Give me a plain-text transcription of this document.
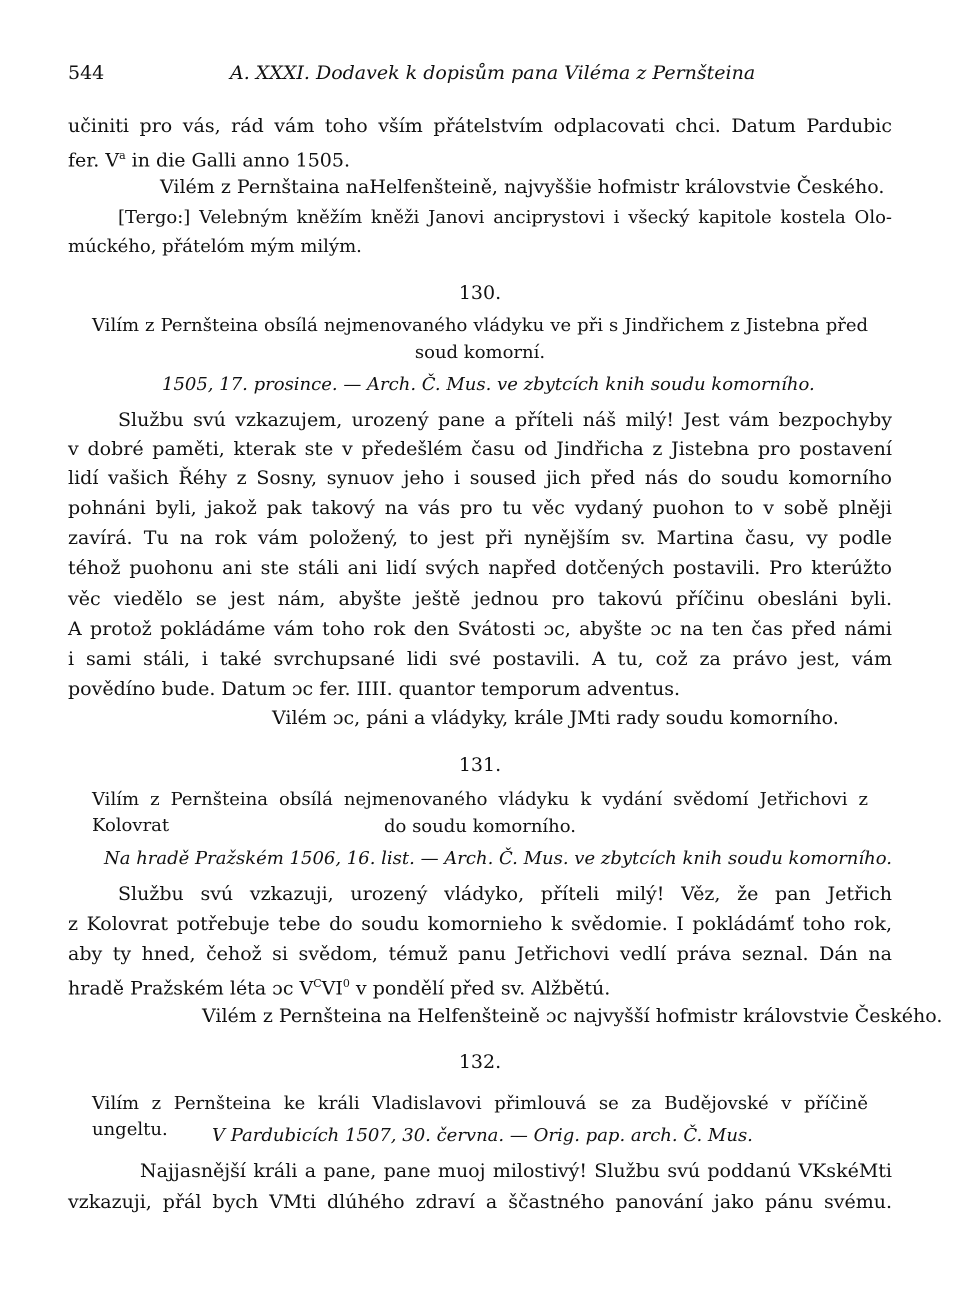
544	A. XXXI. Dodavek k dopisům pana Viléma z Pernšteina
učiniti pro vás, rád vám toho vším přátelstvím odplacovati chci. Datum Pardubic
fer. $V^a$ in die Galli anno 1505.
Vilém z Pernštaina naHelfenšteině, najvyššie hofmistr královstvie Českého.
[Tergo:] Velebným kněžím kněži Janovi anciprystovi i všecký kapitole kostela Olo-
múckého, přátelóm mým milým.
130.
Vilím z Pernšteina obsílá nejmenovaného vládyku ve při s Jindřichem z Jistebna před
soud komorní.
1505, 17. prosince. — Arch. Č. Mus. ve zbytcích knih soudu komorního.
Službu svú vzkazujem, urozený pane a příteli náš milý! Jest vám bezpochyby
v dobré paměti, kterak ste v předešlém času od Jindřicha z Jistebna pro postavení
lidí vašich Řéhy z Sosny, synuov jeho i soused jich před nás do soudu komorního
pohnáni byli, jakož pak takový na vás pro tu věc vydaný puohon to v sobě plněji
zavírá. Tu na rok vám položený, to jest při nynějším sv. Martina času, vy podle
téhož puohonu ani ste stáli ani lidí svých napřed dotčených postavili. Pro kterúžto
věc viedělo se jest nám, abyšte ještě jednou pro takovú příčinu obesláni byli.
A protož pokládáme vám toho rok den Svátosti ɔc, abyšte ɔc na ten čas před námi
i sami stáli, i také svrchupsané lidi své postavili. A tu, což za právo jest, vám
povědíno bude. Datum ɔc fer. IIII. quantor temporum adventus.
Vilém ɔc, páni a vládyky, krále JMti rady soudu komorního.
131.
Vilím z Pernšteina obsílá nejmenovaného vládyku k vydání svědomí Jetřichovi z Kolovrat	do soudu komorního.
Na hradě Pražském 1506, 16. list. — Arch. Č. Mus. ve zbytcích knih soudu komorního.
Službu svú vzkazuji, urozený vládyko, příteli milý! Věz, že pan Jetřich
z Kolovrat potřebuje tebe do soudu komornieho k svědomie. I pokládámť toho rok,
aby ty hned, čehož si svědom, témuž panu Jetřichovi vedlí práva seznal. Dán na
hradě Pražském léta ɔc $V^CVI^0$ v pondělí před sv. Alžbětú.
Vilém z Pernšteina na Helfenšteině ɔc najvyšší hofmistr královstvie Českého.
132.
Vilím z Pernšteina ke králi Vladislavovi přimlouvá se za Budějovské v příčině ungeltu.	V Pardubicích 1507, 30. června. — Orig. pap. arch. Č. Mus.
Najjasnější králi a pane, pane muoj milostivý! Službu svú poddanú VKskéMti
vzkazuji, přál bych VMti dlúhého zdraví a ščastného panování jako pánu svému.
